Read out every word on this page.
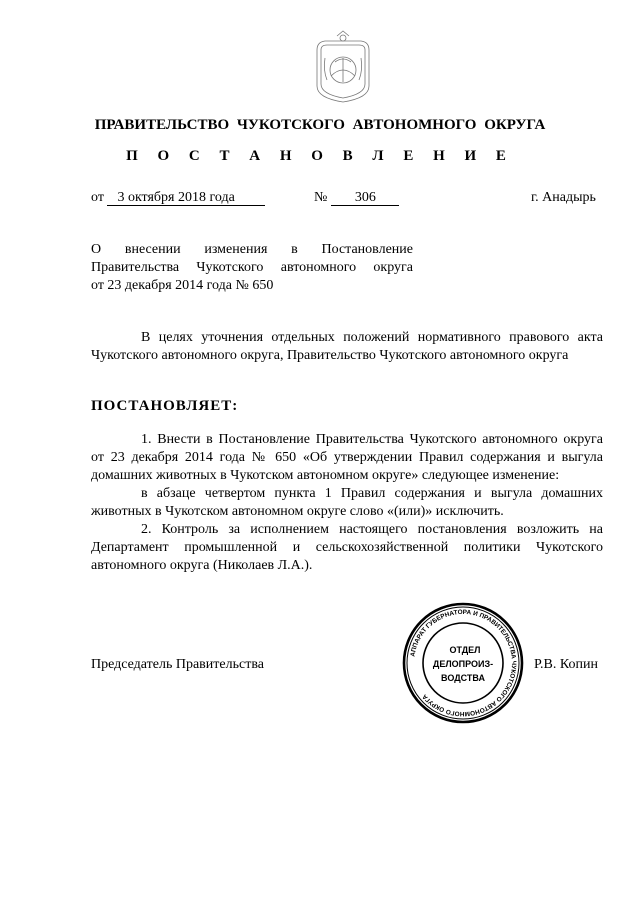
ПРАВИТЕЛЬСТВО ЧУКОТСКОГО АВТОНОМНОГО ОКРУГА
П О С Т А Н О В Л Е Н И Е
от 3 октября 2018 года	№ 306	г. Анадырь
О внесении изменения в Постановление
Правительства Чукотского автономного округа
от 23 декабря 2014 года № 650

В целях уточнения отдельных положений нормативного правового акта Чукотского автономного округа, Правительство Чукотского автономного округа

ПОСТАНОВЛЯЕТ:

1. Внести в Постановление Правительства Чукотского автономного округа от 23 декабря 2014 года № 650 «Об утверждении Правил содержания и выгула домашних животных в Чукотском автономном округе» следующее изменение:

в абзаце четвертом пункта 1 Правил содержания и выгула домашних животных в Чукотском автономном округе слово «(или)» исключить.

2. Контроль за исполнением настоящего постановления возложить на Департамент промышленной и сельскохозяйственной политики Чукотского автономного округа (Николаев Л.А.).

Председатель Правительства	Р.В. Копин
АППАРАТ ГУБЕРНАТОРА И ПРАВИТЕЛЬСТВА ЧУКОТСКОГО АВТОНОМНОГО ОКРУГА
ОТДЕЛ
ДЕЛОПРОИЗ-
ВОДСТВА
